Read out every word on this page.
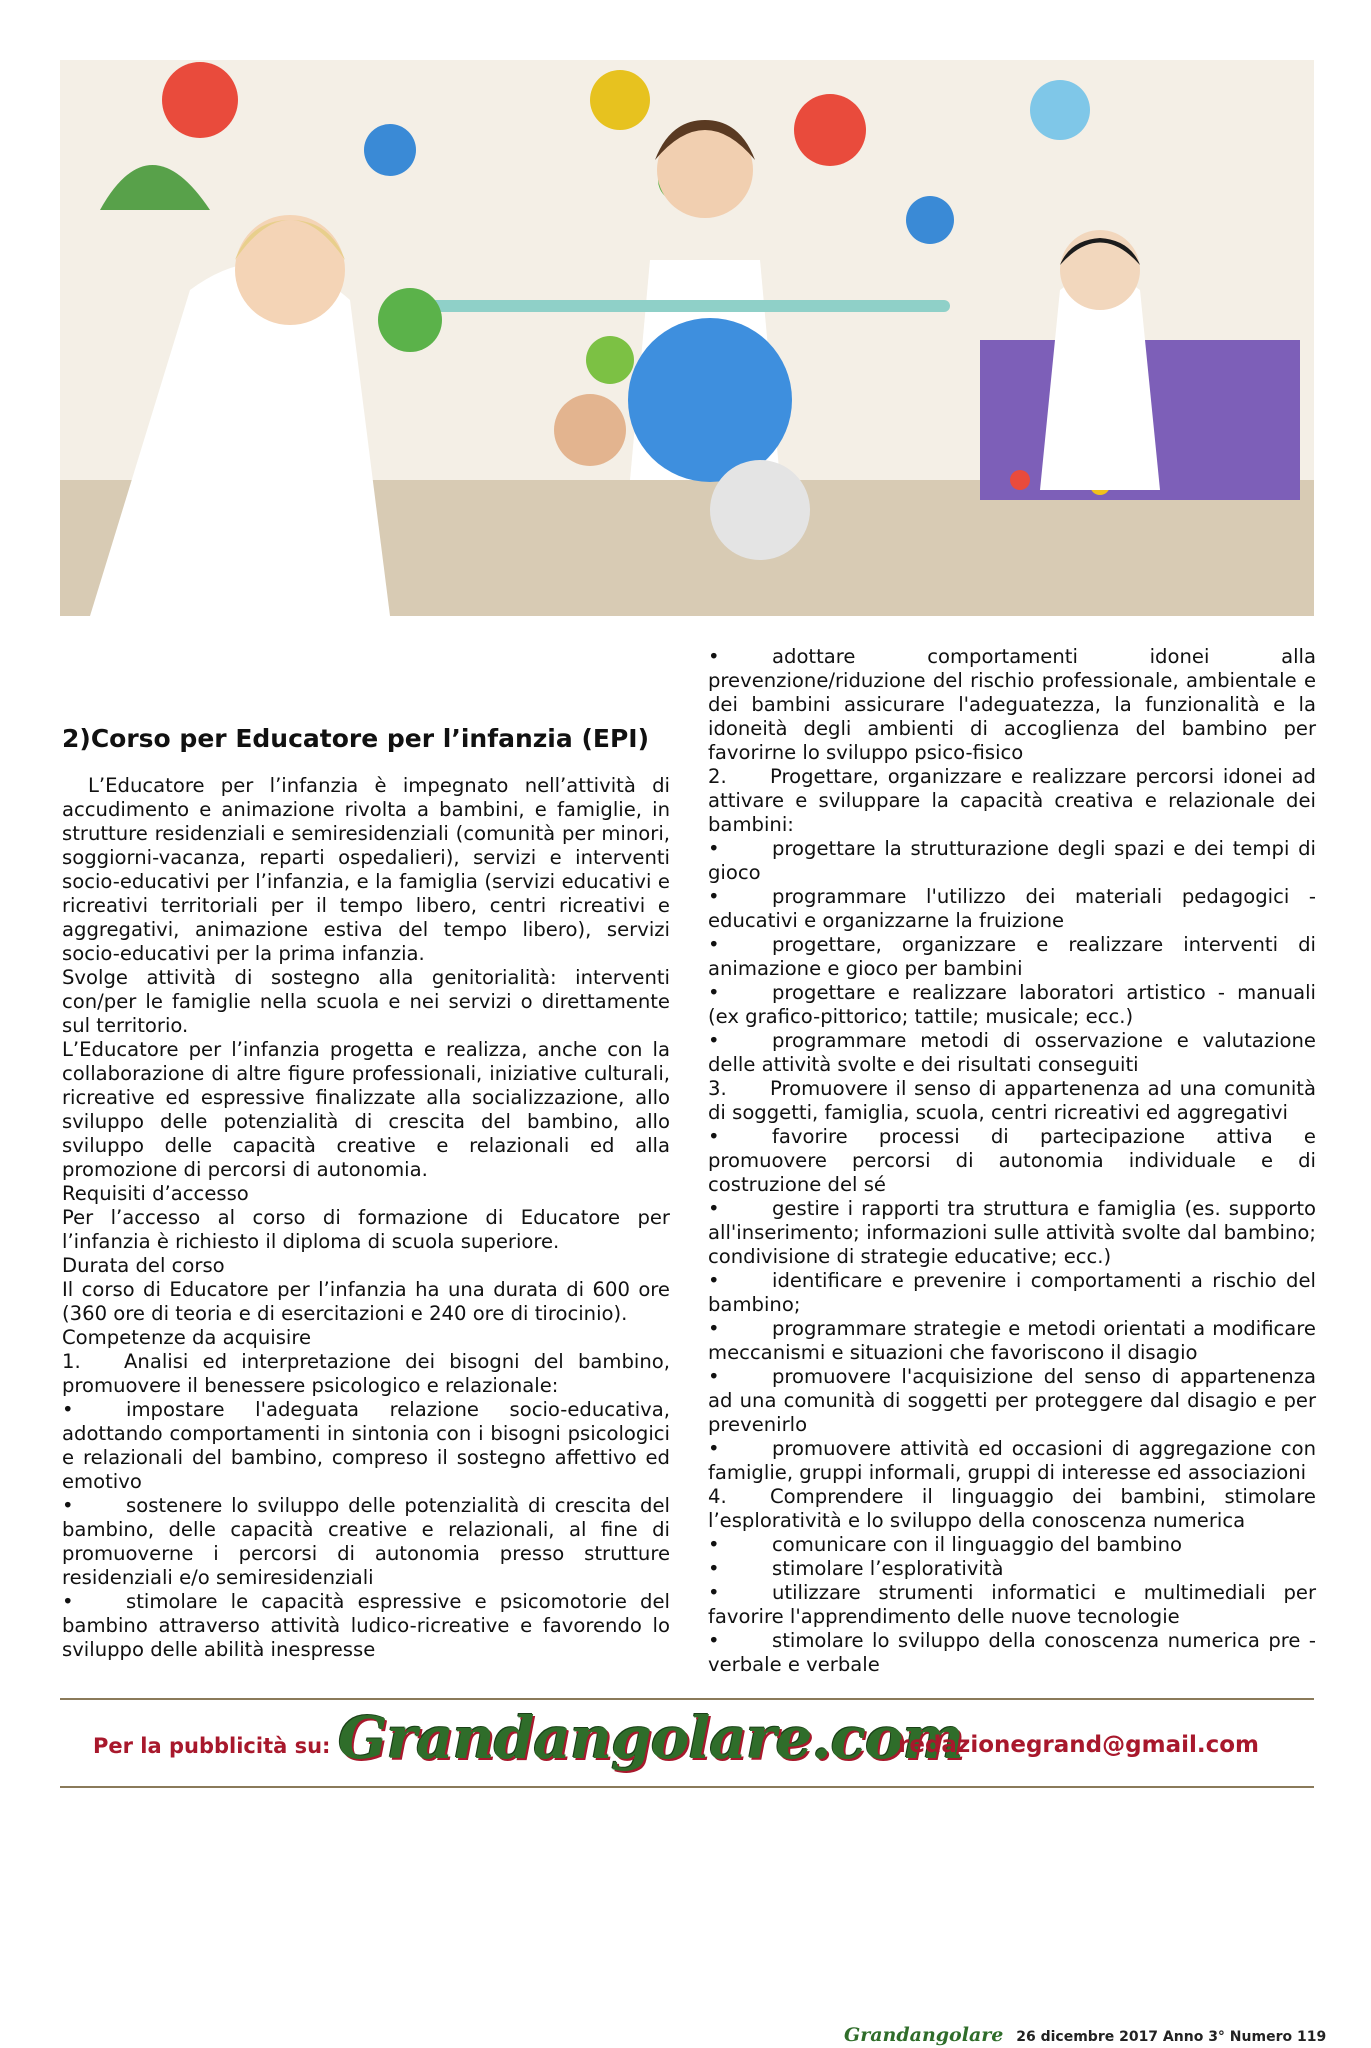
2)Corso per Educatore per l’infanzia (EPI)

L’Educatore per l’infanzia è impegnato nell’attività di accudimento e animazione rivolta a bambini, e famiglie, in strutture residenziali e semiresidenziali (comunità per minori, soggiorni-vacanza, reparti ospedalieri), servizi e interventi socio-educativi per l’infanzia, e la famiglia (servizi educativi e ricreativi territoriali per il tempo libero, centri ricreativi e aggregativi, animazione estiva del tempo libero), servizi socio-educativi per la prima infanzia.

Svolge attività di sostegno alla genitorialità: interventi con/per le famiglie nella scuola e nei servizi o direttamente sul territorio.

L’Educatore per l’infanzia progetta e realizza, anche con la collaborazione di altre figure professionali, iniziative culturali, ricreative ed espressive finalizzate alla socializzazione, allo sviluppo delle potenzialità di crescita del bambino, allo sviluppo delle capacità creative e relazionali ed alla promozione di percorsi di autonomia.

Requisiti d’accesso

Per l’accesso al corso di formazione di Educatore per l’infanzia è richiesto il diploma di scuola superiore.

Durata del corso

Il corso di Educatore per l’infanzia ha una durata di 600 ore (360 ore di teoria e di esercitazioni e 240 ore di tirocinio).

Competenze da acquisire

1. Analisi ed interpretazione dei bisogni del bambino, promuovere il benessere psicologico e relazionale:

•	impostare l'adeguata relazione socio-educativa, adottando comportamenti in sintonia con i bisogni psicologici e relazionali del bambino, compreso il sostegno affettivo ed emotivo

•	sostenere lo sviluppo delle potenzialità di crescita del bambino, delle capacità creative e relazionali, al fine di promuoverne i percorsi di autonomia presso strutture residenziali e/o semiresidenziali

•	stimolare le capacità espressive e psicomotorie del bambino attraverso attività ludico-ricreative e favorendo lo sviluppo delle abilità inespresse

•	adottare comportamenti idonei alla prevenzione/riduzione del rischio professionale, ambientale e dei bambini assicurare l'adeguatezza, la funzionalità e la idoneità degli ambienti di accoglienza del bambino per favorirne lo sviluppo psico-fisico

2. Progettare, organizzare e realizzare percorsi idonei ad attivare e sviluppare la capacità creativa e relazionale dei bambini:

•	progettare la strutturazione degli spazi e dei tempi di gioco

•	programmare l'utilizzo dei materiali pedagogici - educativi e organizzarne la fruizione

•	progettare, organizzare e realizzare interventi di animazione e gioco per bambini

•	progettare e realizzare laboratori artistico - manuali (ex grafico-pittorico; tattile; musicale; ecc.)

•	programmare metodi di osservazione e valutazione delle attività svolte e dei risultati conseguiti

3. Promuovere il senso di appartenenza ad una comunità di soggetti, famiglia, scuola, centri ricreativi ed aggregativi

•	favorire processi di partecipazione attiva e promuovere percorsi di autonomia individuale e di costruzione del sé

•	gestire i rapporti tra struttura e famiglia (es. supporto all'inserimento; informazioni sulle attività svolte dal bambino; condivisione di strategie educative; ecc.)

•	identificare e prevenire i comportamenti a rischio del bambino;

•	programmare strategie e metodi orientati a modificare meccanismi e situazioni che favoriscono il disagio

•	promuovere l'acquisizione del senso di appartenenza ad una comunità di soggetti per proteggere dal disagio e per prevenirlo

•	promuovere attività ed occasioni di aggregazione con famiglie, gruppi informali, gruppi di interesse ed associazioni

4. Comprendere il linguaggio dei bambini, stimolare l’esploratività e lo sviluppo della conoscenza numerica

•	comunicare con il linguaggio del bambino

•	stimolare l’esploratività

•	utilizzare strumenti informatici e multimediali per favorire l'apprendimento delle nuove tecnologie

•	stimolare lo sviluppo della conoscenza numerica pre - verbale e verbale

Per la pubblicità su: Grandangolare.com
redazionegrand@gmail.com
Grandangolare 26 dicembre 2017 Anno 3° Numero 119
